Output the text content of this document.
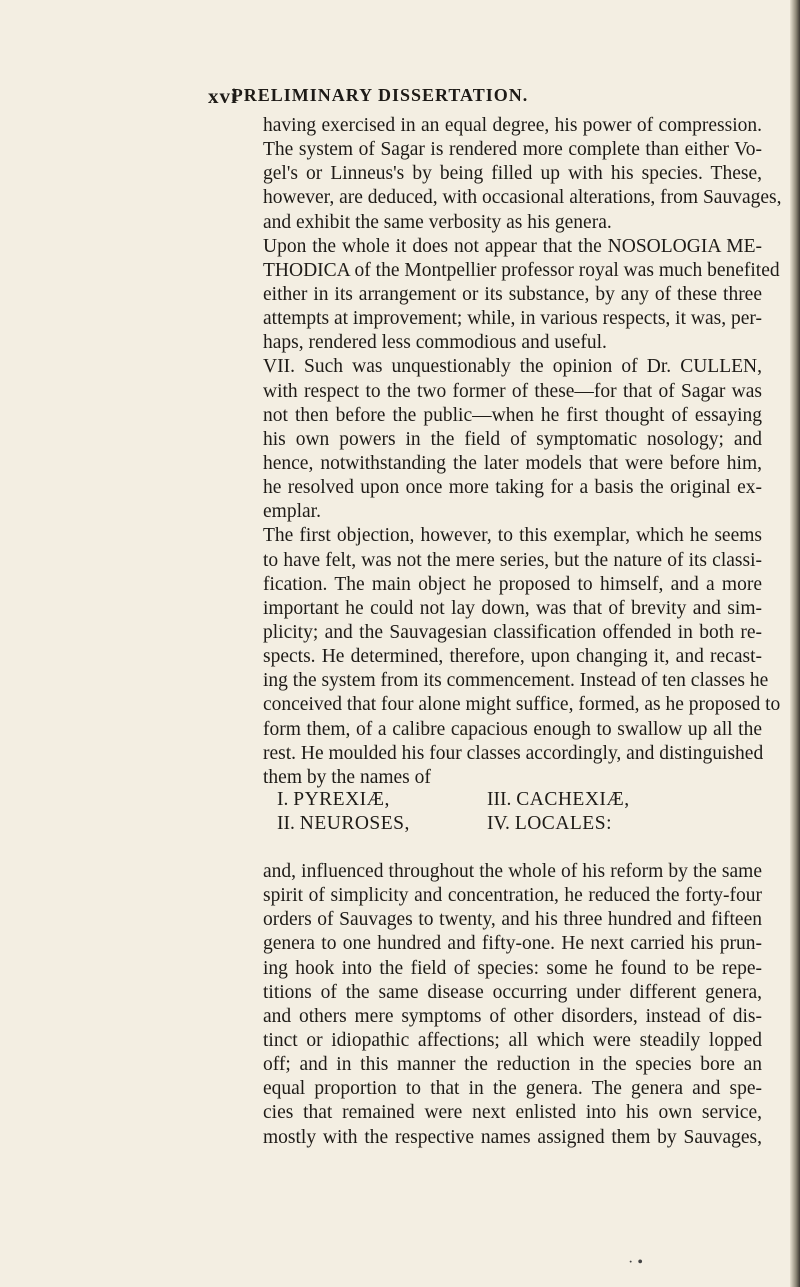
xvi
PRELIMINARY DISSERTATION.
having exercised in an equal degree, his power of compression.
The system of Sagar is rendered more complete than either Vo-
gel's or Linneus's by being filled up with his species. These,
however, are deduced, with occasional alterations, from Sauvages,
and exhibit the same verbosity as his genera.
Upon the whole it does not appear that the NOSOLOGIA ME-
THODICA of the Montpellier professor royal was much benefited
either in its arrangement or its substance, by any of these three
attempts at improvement; while, in various respects, it was, per-
haps, rendered less commodious and useful.
VII. Such was unquestionably the opinion of Dr. CULLEN,
with respect to the two former of these—for that of Sagar was
not then before the public—when he first thought of essaying
his own powers in the field of symptomatic nosology; and
hence, notwithstanding the later models that were before him,
he resolved upon once more taking for a basis the original ex-
emplar.
The first objection, however, to this exemplar, which he seems
to have felt, was not the mere series, but the nature of its classi-
fication. The main object he proposed to himself, and a more
important he could not lay down, was that of brevity and sim-
plicity; and the Sauvagesian classification offended in both re-
spects. He determined, therefore, upon changing it, and recast-
ing the system from its commencement. Instead of ten classes he
conceived that four alone might suffice, formed, as he proposed to
form them, of a calibre capacious enough to swallow up all the
rest. He moulded his four classes accordingly, and distinguished
them by the names of
I. PYREXIÆ,	III. CACHEXIÆ,
II. NEUROSES,	IV. LOCALES:
and, influenced throughout the whole of his reform by the same
spirit of simplicity and concentration, he reduced the forty-four
orders of Sauvages to twenty, and his three hundred and fifteen
genera to one hundred and fifty-one. He next carried his prun-
ing hook into the field of species: some he found to be repe-
titions of the same disease occurring under different genera,
and others mere symptoms of other disorders, instead of dis-
tinct or idiopathic affections; all which were steadily lopped
off; and in this manner the reduction in the species bore an
equal proportion to that in the genera. The genera and spe-
cies that remained were next enlisted into his own service,
mostly with the respective names assigned them by Sauvages,
· •
